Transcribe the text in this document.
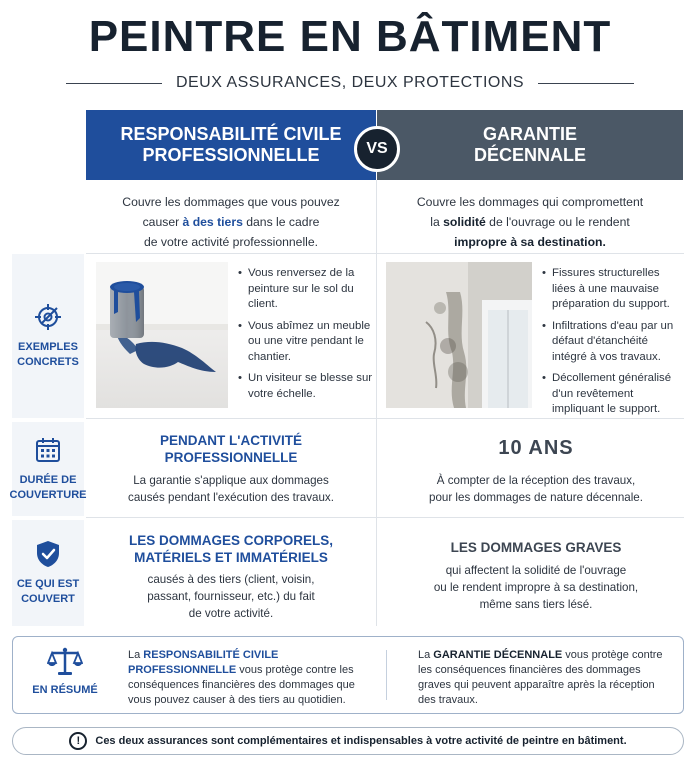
PEINTRE EN BÂTIMENT
DEUX ASSURANCES, DEUX PROTECTIONS
RESPONSABILITÉ CIVILE
PROFESSIONNELLE
GARANTIE
DÉCENNALE
VS
Couvre les dommages que vous pouvez
causer à des tiers dans le cadre
de votre activité professionnelle.
Couvre les dommages qui compromettent
la solidité de l'ouvrage ou le rendent
impropre à sa destination.
EXEMPLES
CONCRETS
DURÉE DE
COUVERTURE
CE QUI EST
COUVERT
• Vous renversez de la peinture sur le sol du client.
• Vous abîmez un meuble ou une vitre pendant le chantier.
• Un visiteur se blesse sur votre échelle.
• Fissures structurelles liées à une mauvaise préparation du support.
• Infiltrations d'eau par un défaut d'étanchéité intégré à vos travaux.
• Décollement généralisé d'un revêtement impliquant le support.
PENDANT L'ACTIVITÉ
PROFESSIONNELLE
La garantie s'applique aux dommages
causés pendant l'exécution des travaux.
10 ANS
À compter de la réception des travaux,
pour les dommages de nature décennale.
LES DOMMAGES CORPORELS,
MATÉRIELS ET IMMATÉRIELS
causés à des tiers (client, voisin,
passant, fournisseur, etc.) du fait
de votre activité.
LES DOMMAGES GRAVES
qui affectent la solidité de l'ouvrage
ou le rendent impropre à sa destination,
même sans tiers lésé.
EN RÉSUMÉ
La RESPONSABILITÉ CIVILE PROFESSIONNELLE vous protège contre les conséquences financières des dommages que vous pouvez causer à des tiers au quotidien.
La GARANTIE DÉCENNALE vous protège contre les conséquences financières des dommages graves qui peuvent apparaître après la réception des travaux.
!	Ces deux assurances sont complémentaires et indispensables à votre activité de peintre en bâtiment.
